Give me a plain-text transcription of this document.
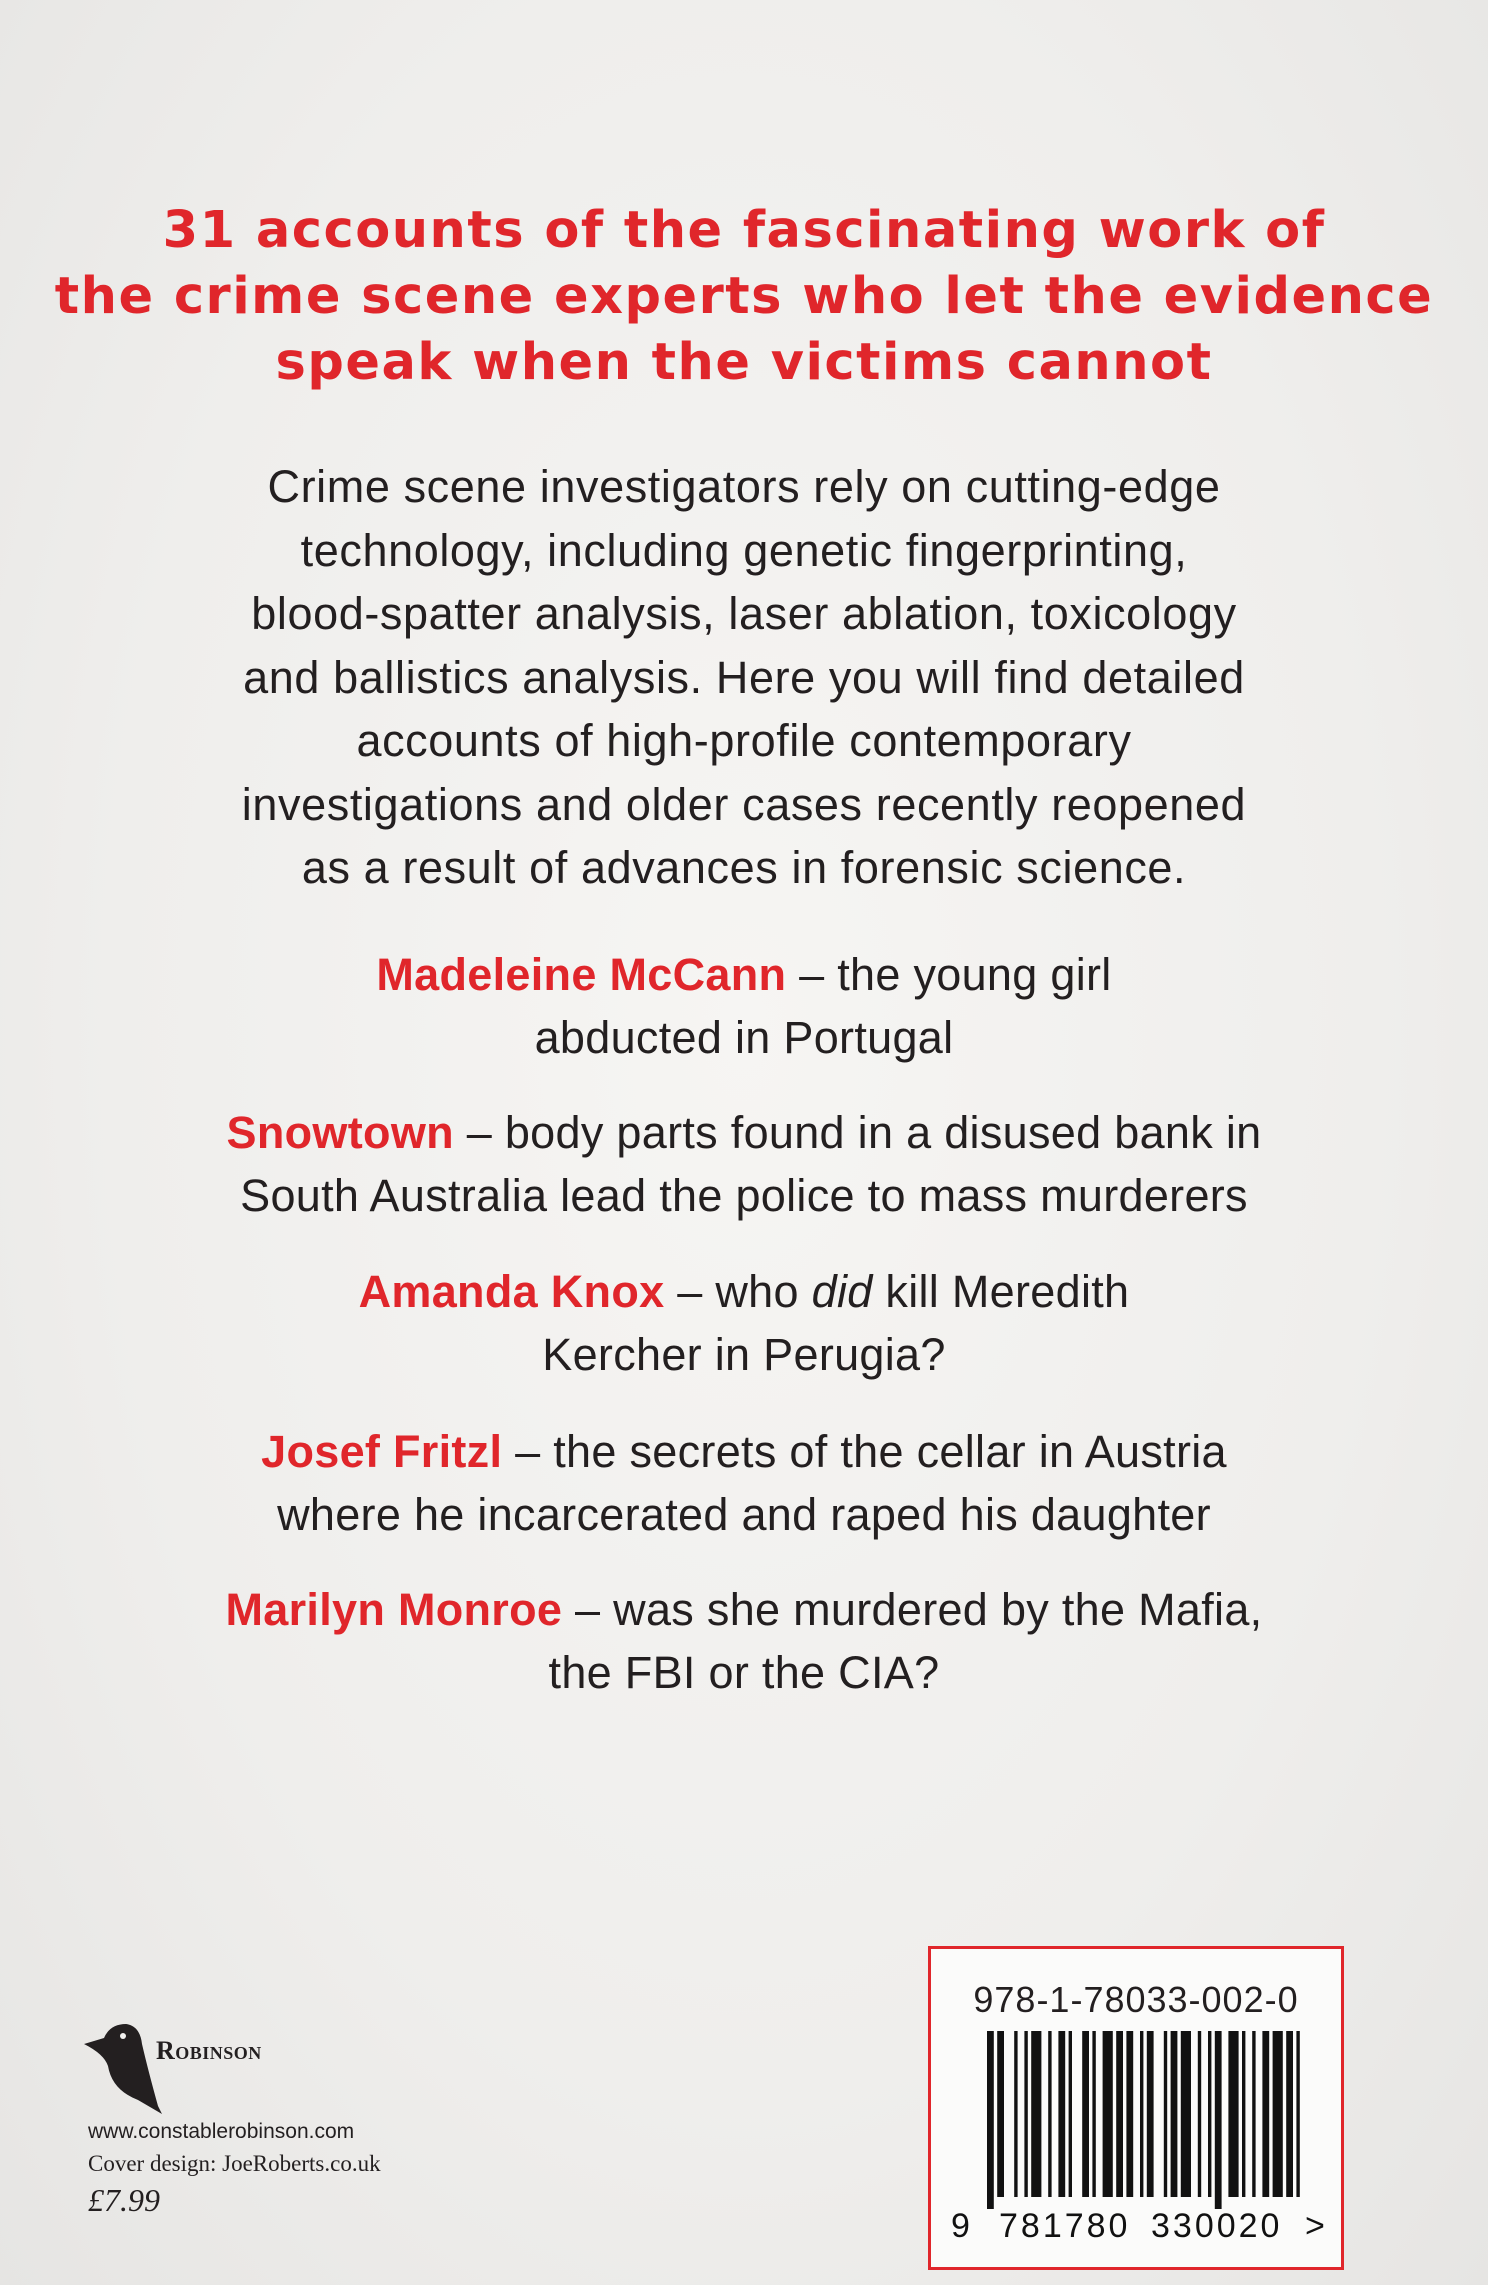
31 accounts of the fascinating work of
the crime scene experts who let the evidence
speak when the victims cannot
Crime scene investigators rely on cutting-edge
technology, including genetic fingerprinting,
blood-spatter analysis, laser ablation, toxicology
and ballistics analysis. Here you will find detailed
accounts of high-profile contemporary
investigations and older cases recently reopened
as a result of advances in forensic science.
Madeleine McCann – the young girl
abducted in Portugal
Snowtown – body parts found in a disused bank in
South Australia lead the police to mass murderers
Amanda Knox – who did kill Meredith
Kercher in Perugia?
Josef Fritzl – the secrets of the cellar in Austria
where he incarcerated and raped his daughter
Marilyn Monroe – was she murdered by the Mafia,
the FBI or the CIA?
Robinson
www.constablerobinson.com
Cover design: JoeRoberts.co.uk
£7.99
978-1-78033-002-0
9 781780 330020 >
